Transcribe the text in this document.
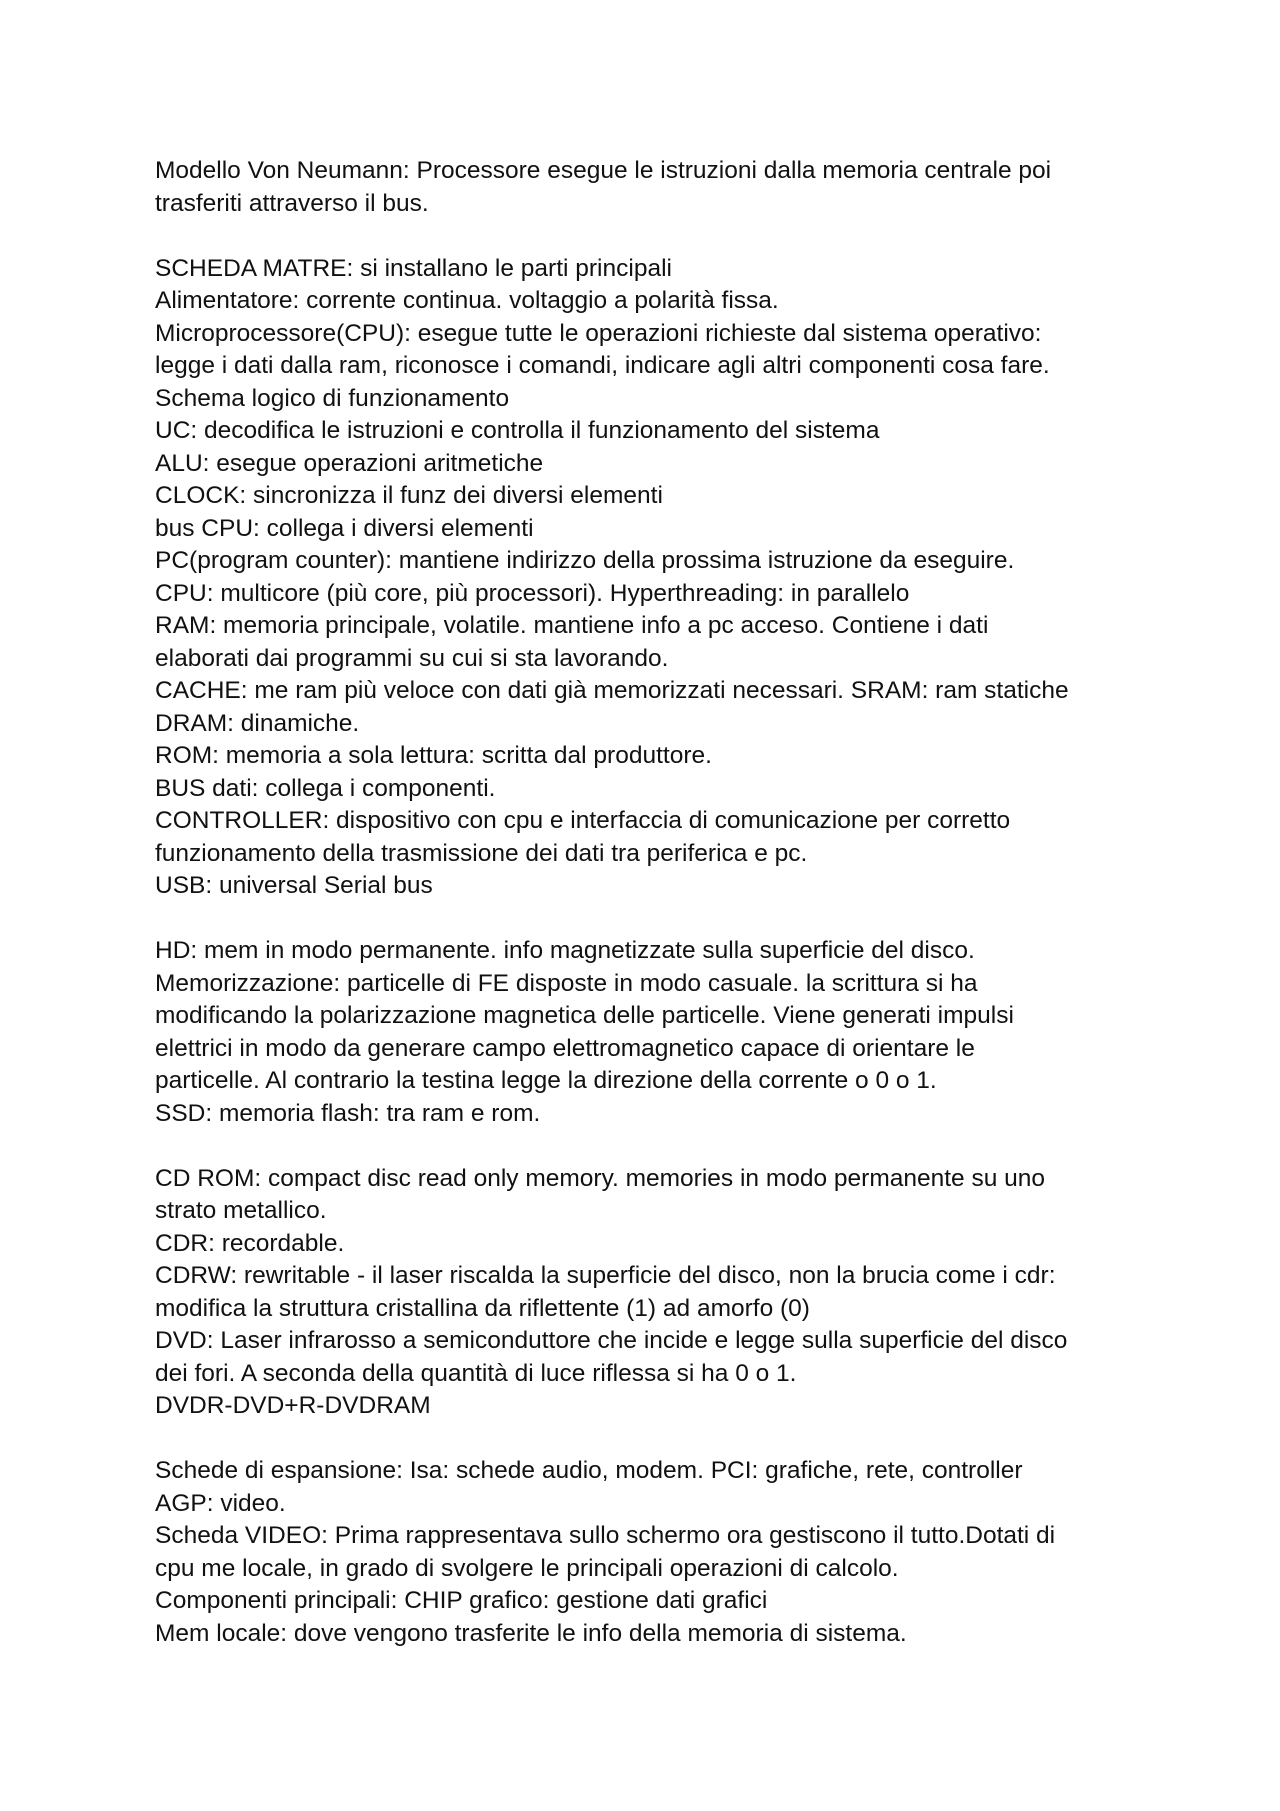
Modello Von Neumann: Processore esegue le istruzioni dalla memoria centrale poi
trasferiti attraverso il bus.
SCHEDA MATRE: si installano le parti principali
Alimentatore: corrente continua. voltaggio a polarità fissa.
Microprocessore(CPU): esegue tutte le operazioni richieste dal sistema operativo:
legge i dati dalla ram, riconosce i comandi, indicare agli altri componenti cosa fare.
Schema logico di funzionamento
UC: decodifica le istruzioni e controlla il funzionamento del sistema
ALU: esegue operazioni aritmetiche
CLOCK: sincronizza il funz dei diversi elementi
bus CPU: collega i diversi elementi
PC(program counter): mantiene indirizzo della prossima istruzione da eseguire.
CPU: multicore (più core, più processori). Hyperthreading: in parallelo
RAM: memoria principale, volatile. mantiene info a pc acceso. Contiene i dati
elaborati dai programmi su cui si sta lavorando.
CACHE: me ram più veloce con dati già memorizzati necessari. SRAM: ram statiche
DRAM: dinamiche.
ROM: memoria a sola lettura: scritta dal produttore.
BUS dati: collega i componenti.
CONTROLLER: dispositivo con cpu e interfaccia di comunicazione per corretto
funzionamento della trasmissione dei dati tra periferica e pc.
USB: universal Serial bus
HD: mem in modo permanente. info magnetizzate sulla superficie del disco.
Memorizzazione: particelle di FE disposte in modo casuale. la scrittura si ha
modificando la polarizzazione magnetica delle particelle. Viene generati impulsi
elettrici in modo da generare campo elettromagnetico capace di orientare le
particelle. Al contrario la testina legge la direzione della corrente o 0 o 1.
SSD: memoria flash: tra ram e rom.
CD ROM: compact disc read only memory. memories in modo permanente su uno
strato metallico.
CDR: recordable.
CDRW: rewritable - il laser riscalda la superficie del disco, non la brucia come i cdr:
modifica la struttura cristallina da riflettente (1) ad amorfo (0)
DVD: Laser infrarosso a semiconduttore che incide e legge sulla superficie del disco
dei fori. A seconda della quantità di luce riflessa si ha 0 o 1.
DVDR-DVD+R-DVDRAM
Schede di espansione: Isa: schede audio, modem. PCI: grafiche, rete, controller
AGP: video.
Scheda VIDEO: Prima rappresentava sullo schermo ora gestiscono il tutto.Dotati di
cpu me locale, in grado di svolgere le principali operazioni di calcolo.
Componenti principali: CHIP grafico: gestione dati grafici
Mem locale: dove vengono trasferite le info della memoria di sistema.
